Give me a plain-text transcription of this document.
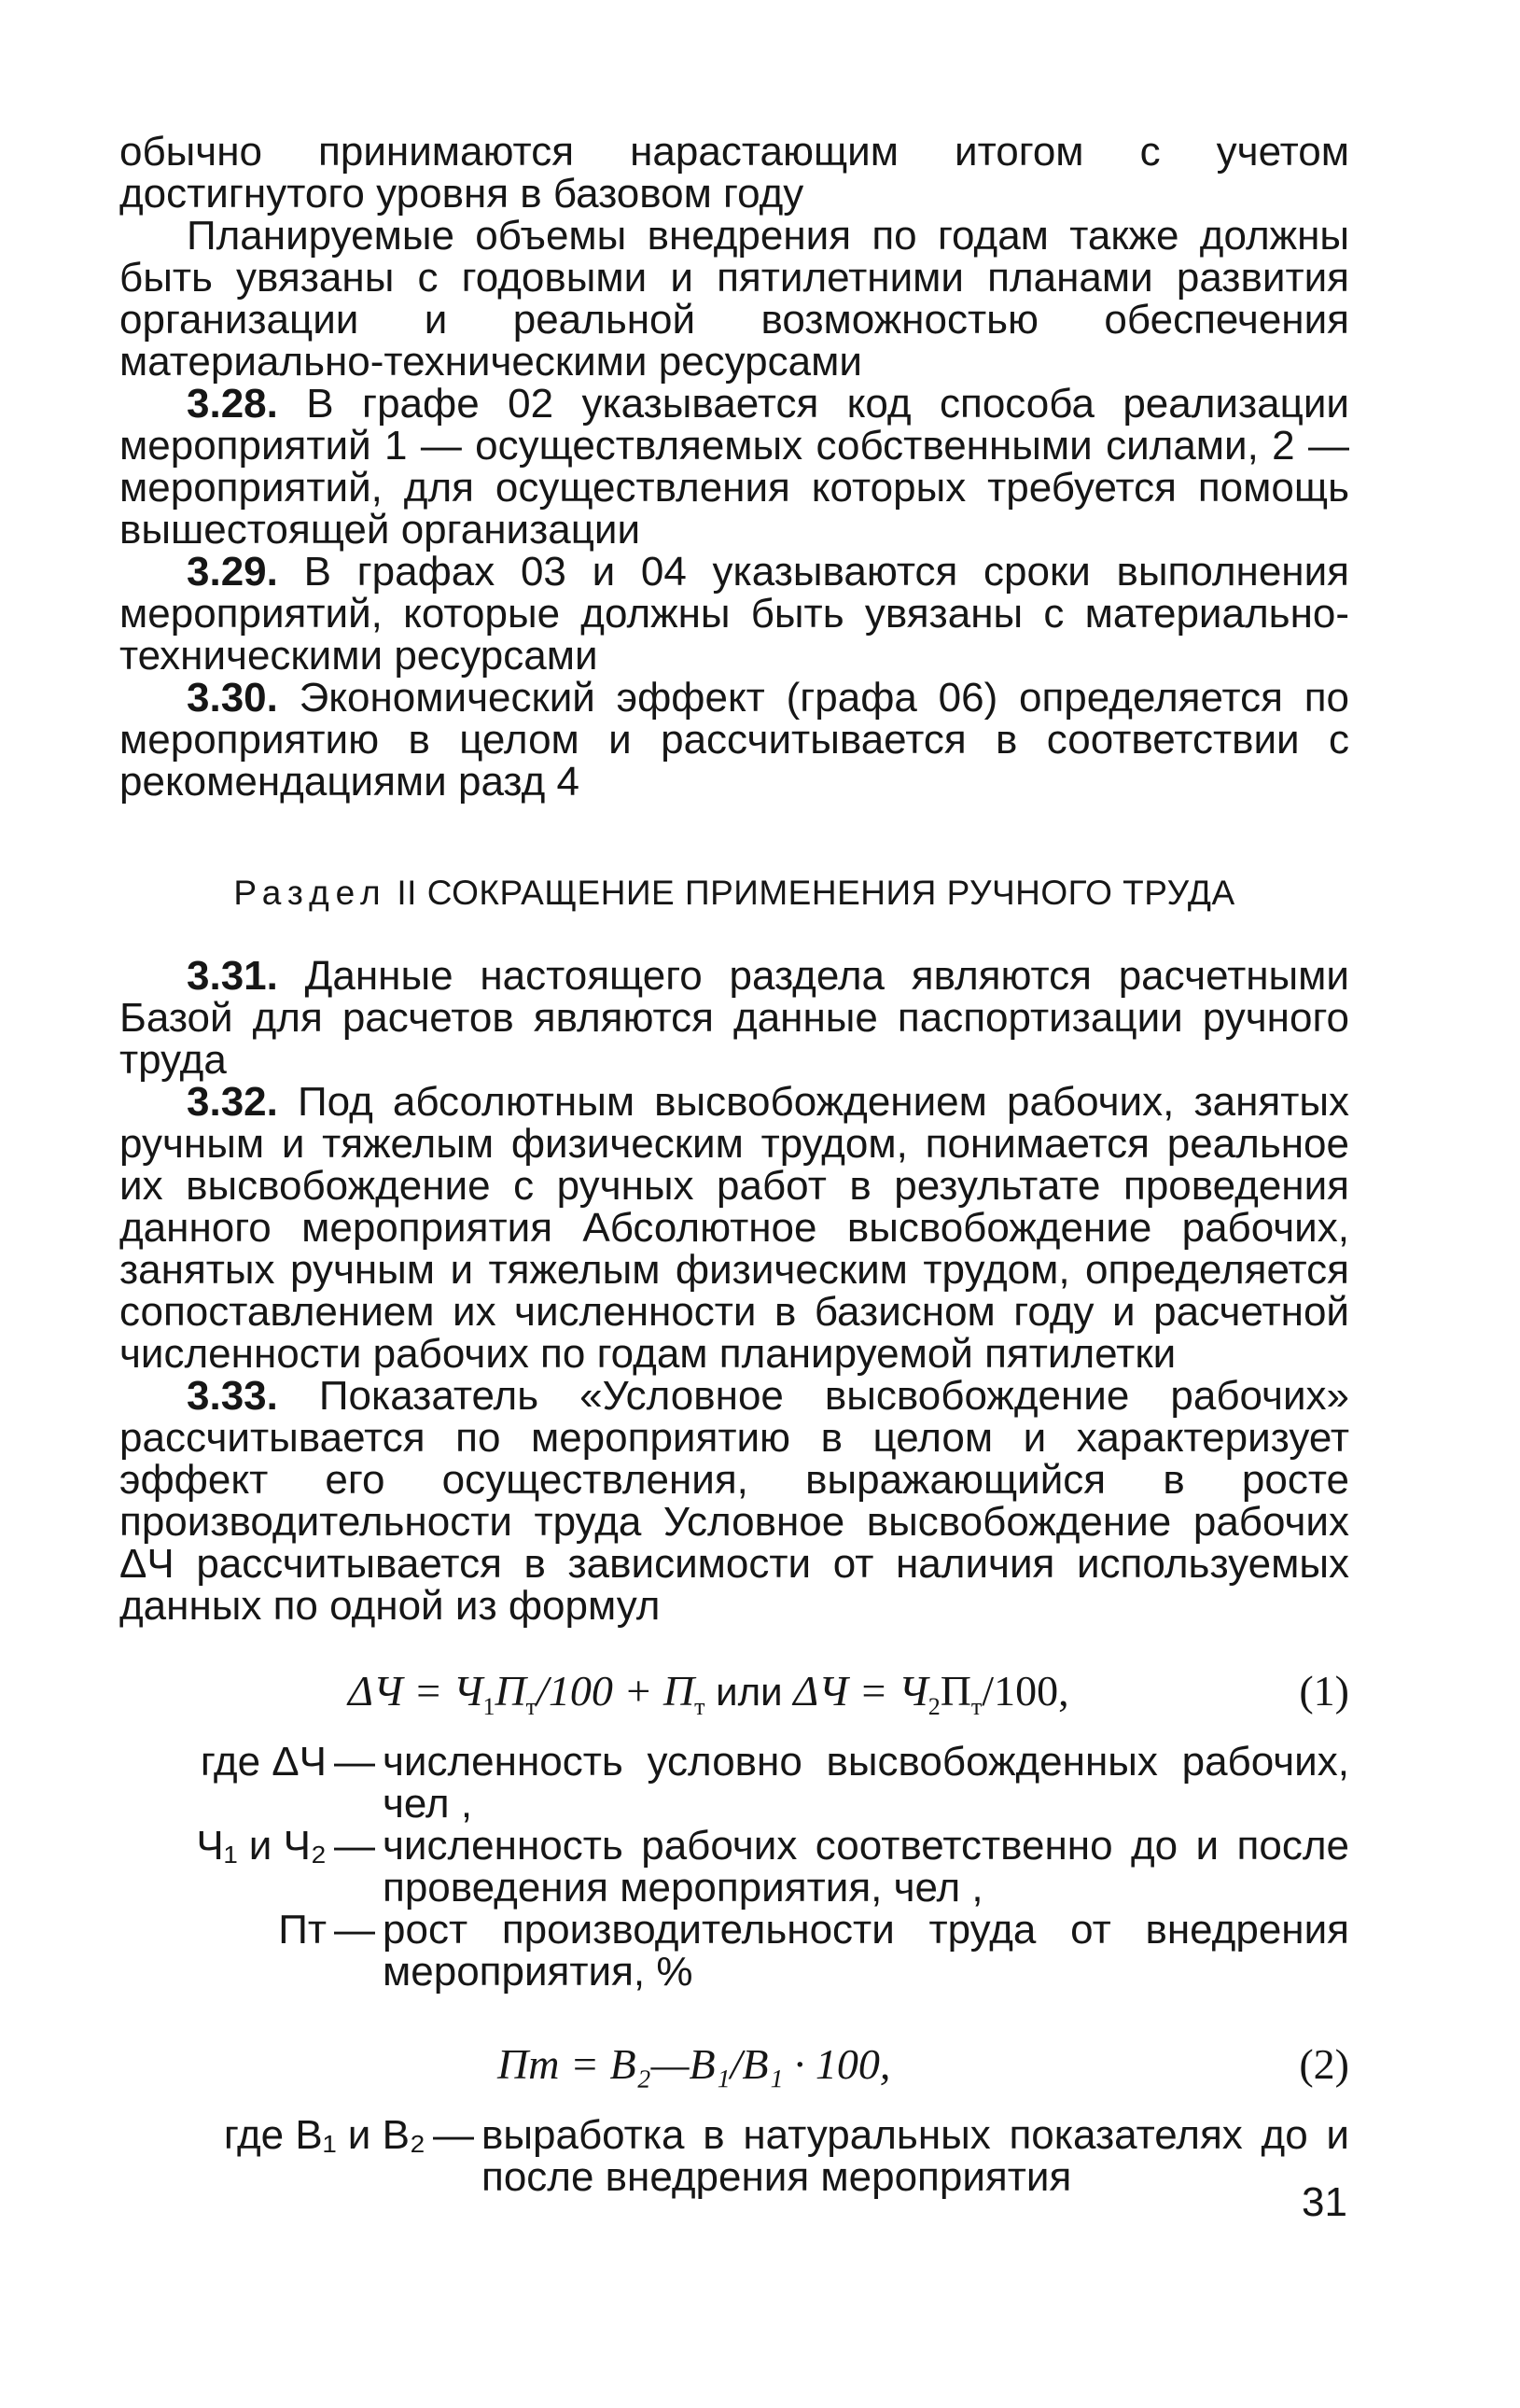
обычно принимаются нарастающим итогом с учетом достигнутого уровня в базовом году

Планируемые объемы внедрения по годам также должны быть увязаны с годовыми и пятилетними планами развития организации и реальной возможностью обеспечения материально-техническими ресурсами

3.28. В графе 02 указывается код способа реализации мероприятий 1 — осуществляемых собственными силами, 2 — мероприятий, для осуществления которых требуется помощь вышестоящей организации

3.29. В графах 03 и 04 указываются сроки выполнения мероприятий, которые должны быть увязаны с материально-техническими ресурсами

3.30. Экономический эффект (графа 06) определяется по мероприятию в целом и рассчитывается в соответствии с рекомендациями разд 4

Раздел II СОКРАЩЕНИЕ ПРИМЕНЕНИЯ РУЧНОГО ТРУДА

3.31. Данные настоящего раздела являются расчетными Базой для расчетов являются данные паспортизации ручного труда

3.32. Под абсолютным высвобождением рабочих, занятых ручным и тяжелым физическим трудом, понимается реальное их высвобождение с ручных работ в результате проведения данного мероприятия Абсолютное высвобождение рабочих, занятых ручным и тяжелым физическим трудом, определяется сопоставлением их численности в базисном году и расчетной численности рабочих по годам планируемой пятилетки

3.33. Показатель «Условное высвобождение рабочих» рассчитывается по мероприятию в целом и характеризует эффект его осуществления, выражающийся в росте производительности труда Условное высвобождение рабочих ΔЧ рассчитывается в зависимости от наличия используемых данных по одной из формул

$\Delta Ч = Ч_1П_т/100 + П_т$ или $\Delta Ч = Ч_2П_т/100$,	(1)
где ΔЧ — численность условно высвобожденных рабочих, чел ,
Ч₁ и Ч₂ — численность рабочих соответственно до и после проведения мероприятия, чел ,
Пт — рост производительности труда от внедрения мероприятия, %
Пт = В₂—В₁/В₁ · 100,	(2)
где В₁ и В₂ — выработка в натуральных показателях до и после внедрения мероприятия
31
